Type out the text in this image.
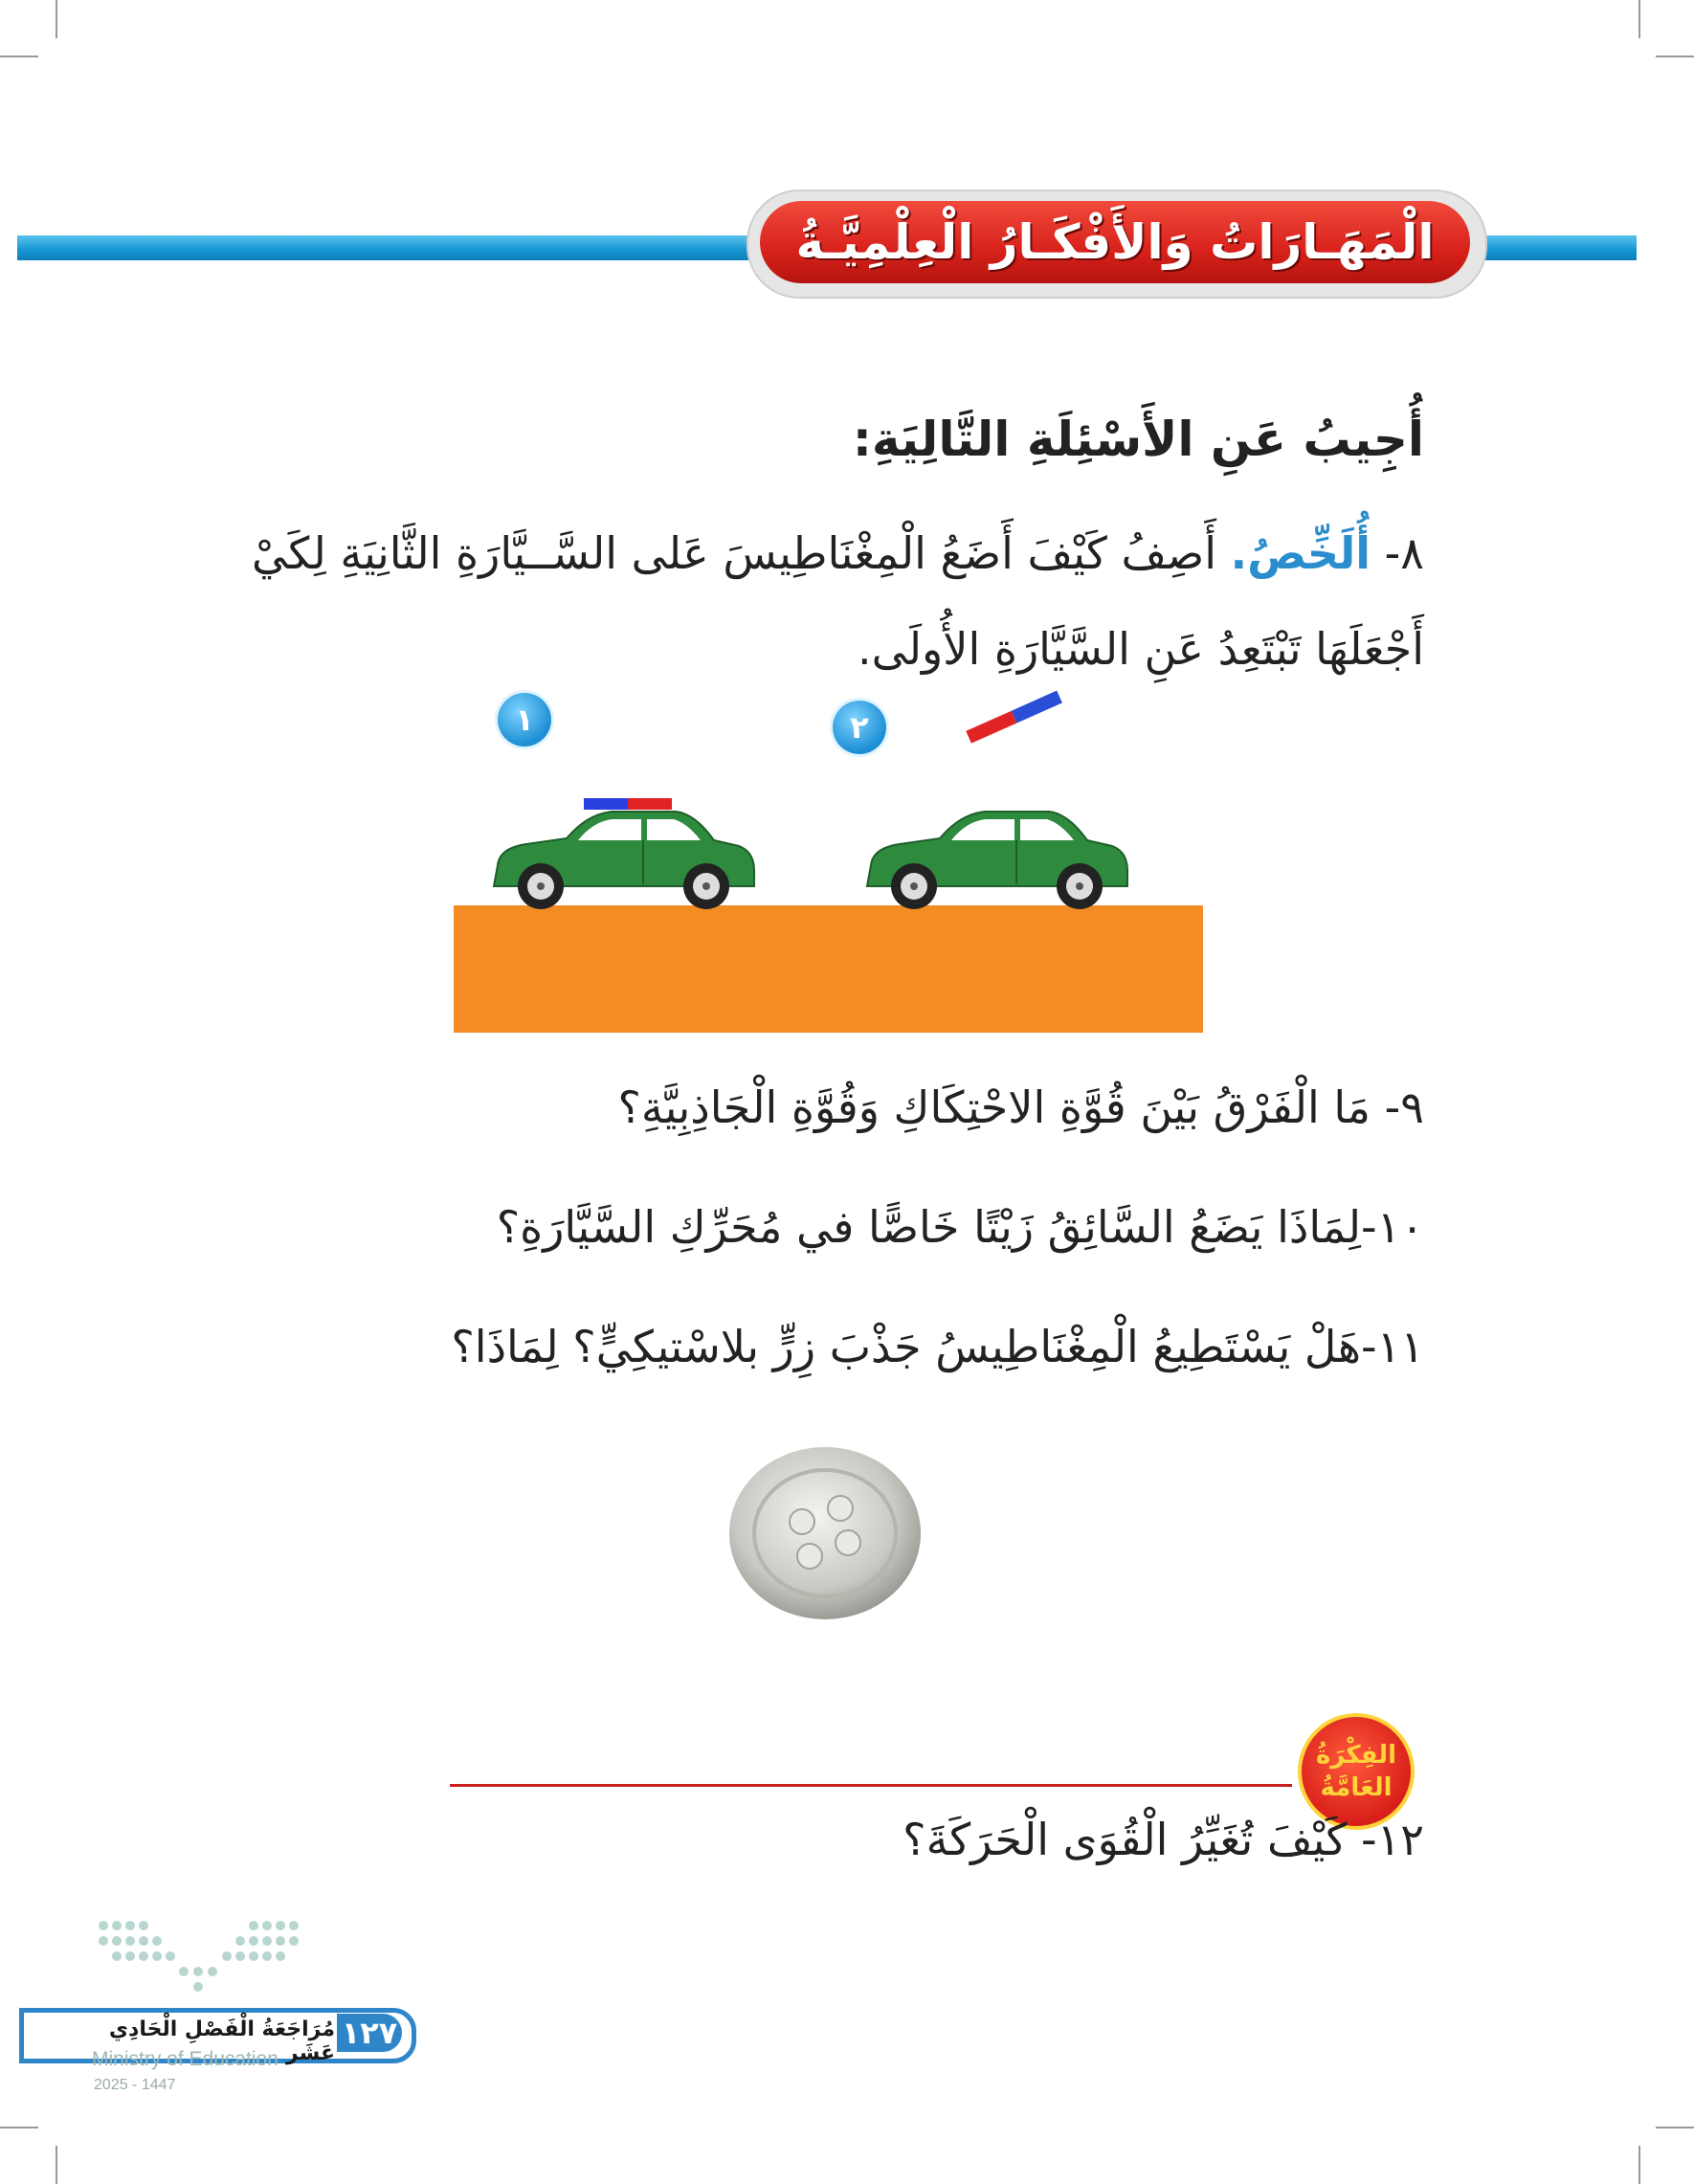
الْمَهَـارَاتُ وَالأَفْكَـارُ الْعِلْمِيَّـةُ
أُجِيبُ عَنِ الأَسْئِلَةِ التَّالِيَةِ:
٨- أُلَخِّصُ. أَصِفُ كَيْفَ أَضَعُ الْمِغْنَاطِيسَ عَلى السَّــيَّارَةِ الثَّانِيَةِ لِكَيْ أَجْعَلَهَا تَبْتَعِدُ عَنِ السَّيَّارَةِ الأُولَى.
١	٢
٩- مَا الْفَرْقُ بَيْنَ قُوَّةِ الاحْتِكَاكِ وَقُوَّةِ الْجَاذِبِيَّةِ؟
١٠-لِمَاذَا يَضَعُ السَّائِقُ زَيْتًا خَاصًّا في مُحَرِّكِ السَّيَّارَةِ؟
١١-هَلْ يَسْتَطِيعُ الْمِغْنَاطِيسُ جَذْبَ زِرٍّ بلاسْتيكِيٍّ؟ لِمَاذَا؟
الفِكْرَةُ
العَامَّةُ
١٢- كَيْفَ تُغَيِّرُ الْقُوَى الْحَرَكَةَ؟
١٢٧
مُرَاجَعَةُ الْفَصْلِ الْحَادِي عَشَر
Ministry of Education
2025 - 1447
